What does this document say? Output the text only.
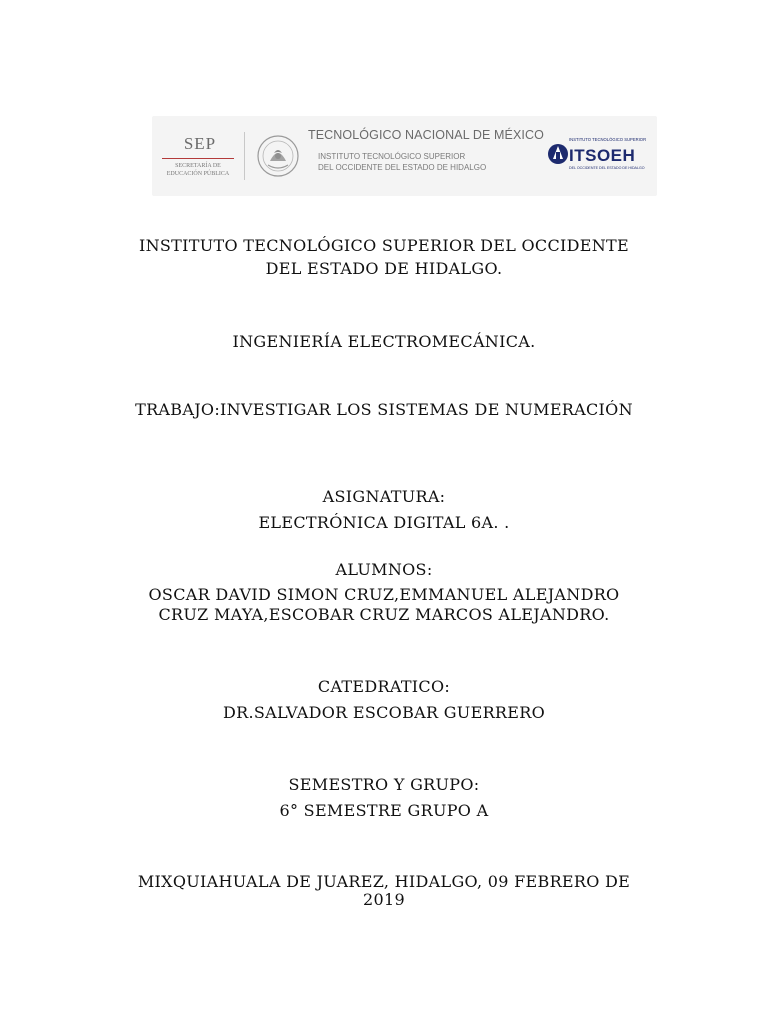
SEP
SECRETARÍA DE
EDUCACIÓN PÚBLICA
TECNOLÓGICO NACIONAL DE MÉXICO
INSTITUTO TECNOLÓGICO SUPERIOR
DEL OCCIDENTE DEL ESTADO DE HIDALGO
INSTITUTO TECNOLÓGICO SUPERIOR
ITSOEH
DEL OCCIDENTE DEL ESTADO DE HIDALGO
INSTITUTO TECNOLÓGICO SUPERIOR DEL OCCIDENTE
DEL ESTADO DE HIDALGO.
INGENIERÍA ELECTROMECÁNICA.
TRABAJO:INVESTIGAR LOS SISTEMAS DE NUMERACIÓN
ASIGNATURA:
ELECTRÓNICA DIGITAL 6A. .
ALUMNOS:
OSCAR DAVID SIMON CRUZ,EMMANUEL ALEJANDRO
CRUZ MAYA,ESCOBAR CRUZ MARCOS ALEJANDRO.
CATEDRATICO:
DR.SALVADOR ESCOBAR GUERRERO
SEMESTRO Y GRUPO:
6° SEMESTRE GRUPO A
MIXQUIAHUALA DE JUAREZ, HIDALGO, 09 FEBRERO DE
2019
